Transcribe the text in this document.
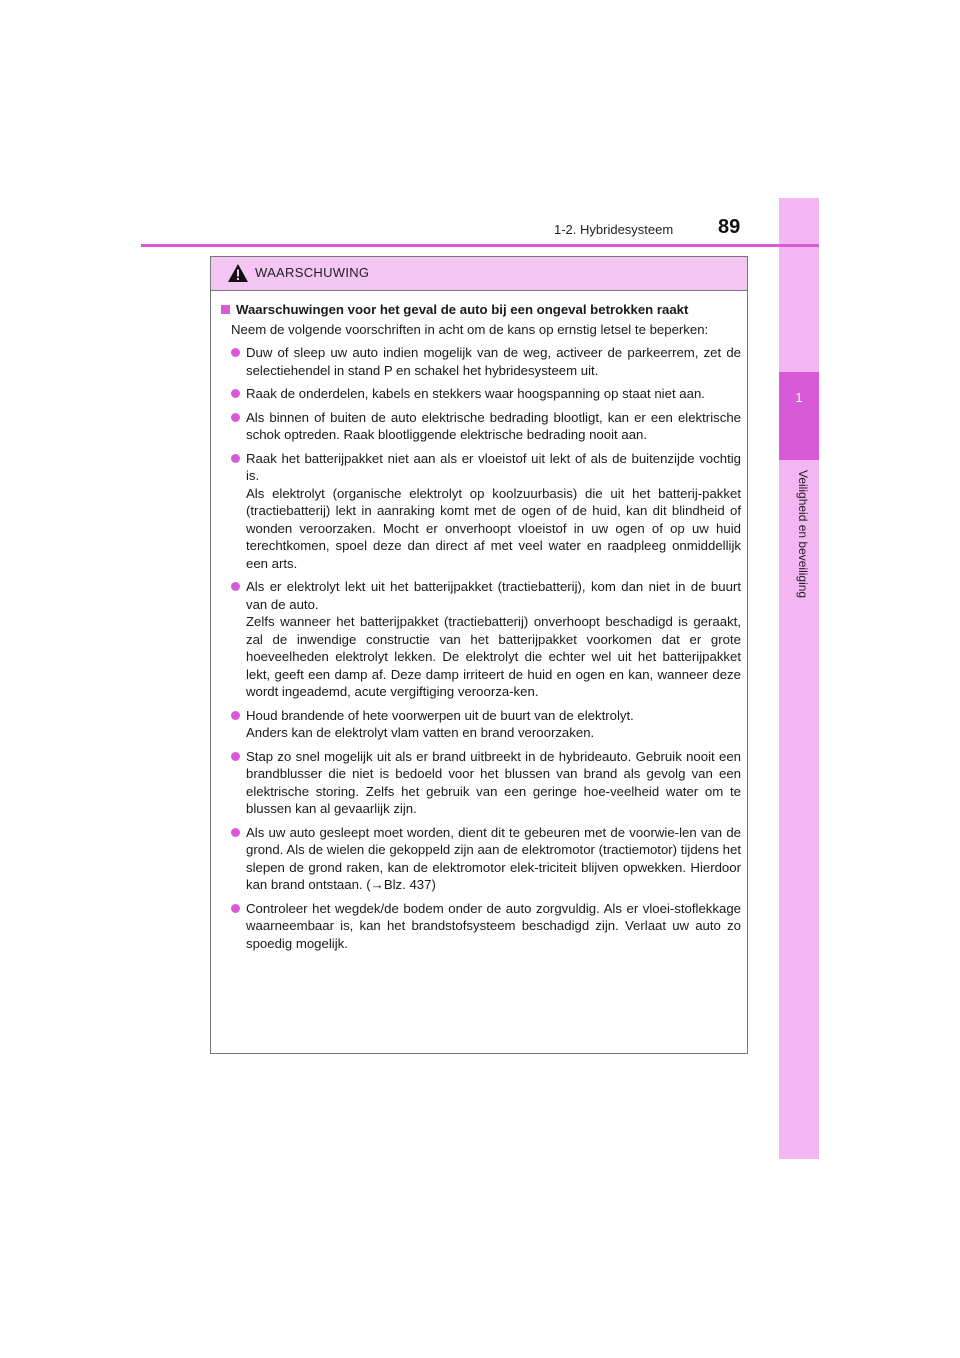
1
Veiligheid en beveiliging
1-2. Hybridesysteem 89
WAARSCHUWING
Waarschuwingen voor het geval de auto bij een ongeval betrokken raakt
Neem de volgende voorschriften in acht om de kans op ernstig letsel te beperken:

Duw of sleep uw auto indien mogelijk van de weg, activeer de parkeerrem, zet de selectiehendel in stand P en schakel het hybridesysteem uit.

Raak de onderdelen, kabels en stekkers waar hoogspanning op staat niet aan.

Als binnen of buiten de auto elektrische bedrading blootligt, kan er een elektrische schok optreden. Raak blootliggende elektrische bedrading nooit aan.

Raak het batterijpakket niet aan als er vloeistof uit lekt of als de buitenzijde vochtig is.

Als elektrolyt (organische elektrolyt op koolzuurbasis) die uit het batterij-pakket (tractiebatterij) lekt in aanraking komt met de ogen of de huid, kan dit blindheid of wonden veroorzaken. Mocht er onverhoopt vloeistof in uw ogen of op uw huid terechtkomen, spoel deze dan direct af met veel water en raadpleeg onmiddellijk een arts.

Als er elektrolyt lekt uit het batterijpakket (tractiebatterij), kom dan niet in de buurt van de auto.

Zelfs wanneer het batterijpakket (tractiebatterij) onverhoopt beschadigd is geraakt, zal de inwendige constructie van het batterijpakket voorkomen dat er grote hoeveelheden elektrolyt lekken. De elektrolyt die echter wel uit het batterijpakket lekt, geeft een damp af. Deze damp irriteert de huid en ogen en kan, wanneer deze wordt ingeademd, acute vergiftiging veroorza-ken.

Houd brandende of hete voorwerpen uit de buurt van de elektrolyt.

Anders kan de elektrolyt vlam vatten en brand veroorzaken.

Stap zo snel mogelijk uit als er brand uitbreekt in de hybrideauto. Gebruik nooit een brandblusser die niet is bedoeld voor het blussen van brand als gevolg van een elektrische storing. Zelfs het gebruik van een geringe hoe-veelheid water om te blussen kan al gevaarlijk zijn.

Als uw auto gesleept moet worden, dient dit te gebeuren met de voorwie-len van de grond. Als de wielen die gekoppeld zijn aan de elektromotor (tractiemotor) tijdens het slepen de grond raken, kan de elektromotor elek-triciteit blijven opwekken. Hierdoor kan brand ontstaan. (→Blz. 437)

Controleer het wegdek/de bodem onder de auto zorgvuldig. Als er vloei-stoflekkage waarneembaar is, kan het brandstofsysteem beschadigd zijn. Verlaat uw auto zo spoedig mogelijk.
